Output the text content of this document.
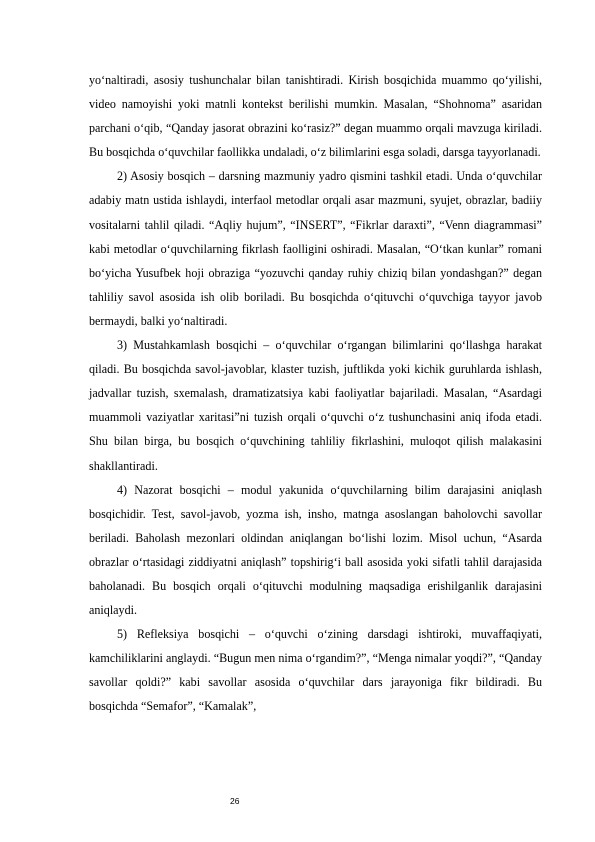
yo‘naltiradi, asosiy tushunchalar bilan tanishtiradi. Kirish bosqichida muammo qo‘yilishi, video namoyishi yoki matnli kontekst berilishi mumkin. Masalan, “Shohnoma” asaridan parchani o‘qib, “Qanday jasorat obrazini ko‘rasiz?” degan muammo orqali mavzuga kiriladi. Bu bosqichda o‘quvchilar faollikka undaladi, o‘z bilimlarini esga soladi, darsga tayyorlanadi.

2) Asosiy bosqich – darsning mazmuniy yadro qismini tashkil etadi. Unda o‘quvchilar adabiy matn ustida ishlaydi, interfaol metodlar orqali asar mazmuni, syujet, obrazlar, badiiy vositalarni tahlil qiladi. “Aqliy hujum”, “INSERT”, “Fikrlar daraxti”, “Venn diagrammasi” kabi metodlar o‘quvchilarning fikrlash faolligini oshiradi. Masalan, “O‘tkan kunlar” romani bo‘yicha Yusufbek hoji obraziga “yozuvchi qanday ruhiy chiziq bilan yondashgan?” degan tahliliy savol asosida ish olib boriladi. Bu bosqichda o‘qituvchi o‘quvchiga tayyor javob bermaydi, balki yo‘naltiradi.

3) Mustahkamlash bosqichi – o‘quvchilar o‘rgangan bilimlarini qo‘llashga harakat qiladi. Bu bosqichda savol-javoblar, klaster tuzish, juftlikda yoki kichik guruhlarda ishlash, jadvallar tuzish, sxemalash, dramatizatsiya kabi faoliyatlar bajariladi. Masalan, “Asardagi muammoli vaziyatlar xaritasi”ni tuzish orqali o‘quvchi o‘z tushunchasini aniq ifoda etadi. Shu bilan birga, bu bosqich o‘quvchining tahliliy fikrlashini, muloqot qilish malakasini shakllantiradi.

4) Nazorat bosqichi – modul yakunida o‘quvchilarning bilim darajasini aniqlash bosqichidir. Test, savol-javob, yozma ish, insho, matnga asoslangan baholovchi savollar beriladi. Baholash mezonlari oldindan aniqlangan bo‘lishi lozim. Misol uchun, “Asarda obrazlar o‘rtasidagi ziddiyatni aniqlash” topshirig‘i ball asosida yoki sifatli tahlil darajasida baholanadi. Bu bosqich orqali o‘qituvchi modulning maqsadiga erishilganlik darajasini aniqlaydi.

5) Refleksiya bosqichi – o‘quvchi o‘zining darsdagi ishtiroki, muvaffaqiyati, kamchiliklarini anglaydi. “Bugun men nima o‘rgandim?”, “Menga nimalar yoqdi?”, “Qanday savollar qoldi?” kabi savollar asosida o‘quvchilar dars jarayoniga fikr bildiradi. Bu bosqichda “Semafor”, “Kamalak”,

26
